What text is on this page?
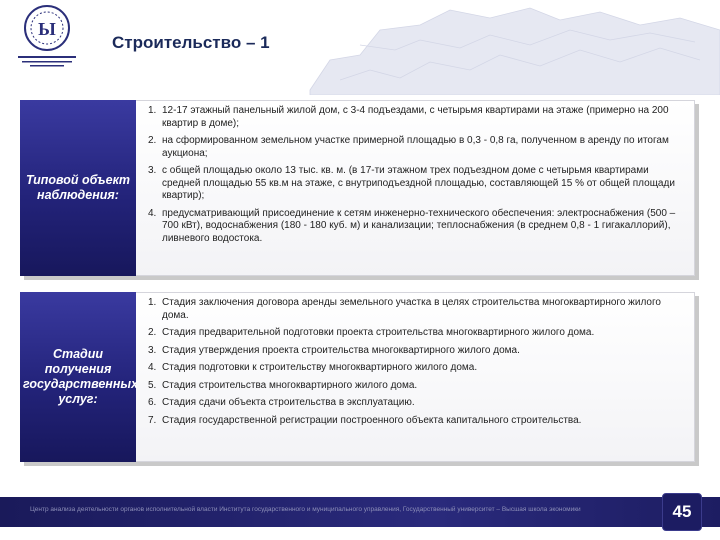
Ы
Строительство – 1
Типовой объект наблюдения:
1. 12-17 этажный панельный жилой дом, с 3-4 подъездами, с четырьмя квартирами на этаже (примерно на 200 квартир в доме);
2. на сформированном земельном участке примерной площадью в 0,3 - 0,8 га, полученном в аренду по итогам аукциона;
3. с общей площадью около 13 тыс. кв. м. (в 17-ти этажном трех подъездном доме с четырьмя квартирами средней площадью 55 кв.м на этаже, с внутриподъездной площадью, составляющей 15 % от общей площади квартир);
4. предусматривающий присоединение к сетям инженерно-технического обеспечения: электроснабжения (500 – 700 кВт), водоснабжения (180 - 180 куб. м) и канализации; теплоснабжения (в среднем 0,8 - 1 гигакаллорий), ливневого водостока.
Стадии получения государственных услуг:
1. Стадия заключения договора аренды земельного участка в целях строительства многоквартирного жилого дома.
2. Стадия предварительной подготовки проекта строительства многоквартирного жилого дома.
3. Стадия утверждения проекта строительства многоквартирного жилого дома.
4. Стадия подготовки к строительству многоквартирного жилого дома.
5. Стадия строительства многоквартирного жилого дома.
6. Стадия сдачи объекта строительства в эксплуатацию.
7. Стадия государственной регистрации построенного объекта капитального строительства.
Центр анализа деятельности органов исполнительной власти Института государственного и муниципального управления, Государственный университет – Высшая школа экономики	45
